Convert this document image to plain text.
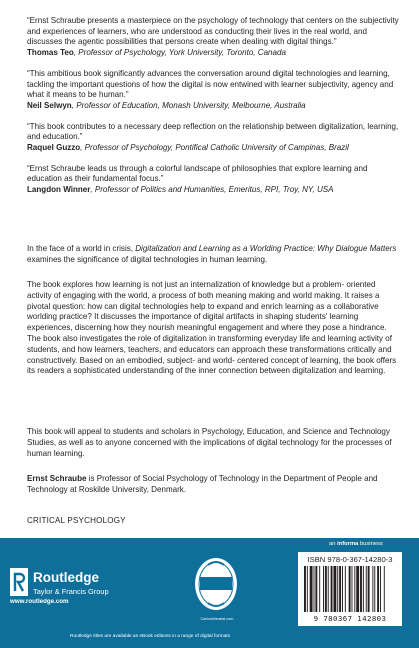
“Ernst Schraube presents a masterpiece on the psychology of technology that centers on the subjectivity and experiences of learners, who are understood as conducting their lives in the real world, and discusses the agentic possibilities that persons create when dealing with digital things.”

Thomas Teo, Professor of Psychology, York University, Toronto, Canada

“This ambitious book significantly advances the conversation around digital technologies and learning, tackling the important questions of how the digital is now entwined with learner subjectivity, agency and what it means to be human.”

Neil Selwyn, Professor of Education, Monash University, Melbourne, Australia

“This book contributes to a necessary deep reflection on the relationship between digitalization, learning, and education.”

Raquel Guzzo, Professor of Psychology, Pontifical Catholic University of Campinas, Brazil

“Ernst Schraube leads us through a colorful landscape of philosophies that explore learning and education as their fundamental focus.”

Langdon Winner, Professor of Politics and Humanities, Emeritus, RPI, Troy, NY, USA

In the face of a world in crisis, Digitalization and Learning as a Worlding Practice: Why Dialogue Matters examines the significance of digital technologies in human learning.

The book explores how learning is not just an internalization of knowledge but a problem- oriented activity of engaging with the world, a process of both meaning making and world making. It raises a pivotal question: how can digital technologies help to expand and enrich learning as a collaborative worlding practice? It discusses the importance of digital artifacts in shaping students' learning experiences, discerning how they nourish meaningful engagement and where they pose a hindrance. The book also investigates the role of digitalization in transforming everyday life and learning activity of students, and how learners, teachers, and educators can approach these transformations critically and constructively. Based on an embodied, subject- and world- centered concept of learning, the book offers its readers a sophisticated understanding of the inner connection between digitalization and learning.

This book will appeal to students and scholars in Psychology, Education, and Science and Technology Studies, as well as to anyone concerned with the implications of digital technology for the processes of human learning.

Ernst Schraube is Professor of Social Psychology of Technology in the Department of People and Technology at Roskilde University, Denmark.

CRITICAL PSYCHOLOGY
Routledge
Taylor & Francis Group
www.routledge.com
CarbonNeutral.com
an informa business
ISBN 978-0-367-14280-3
9 780367 142803
Routledge titles are available as eBook editions in a range of digital formats
